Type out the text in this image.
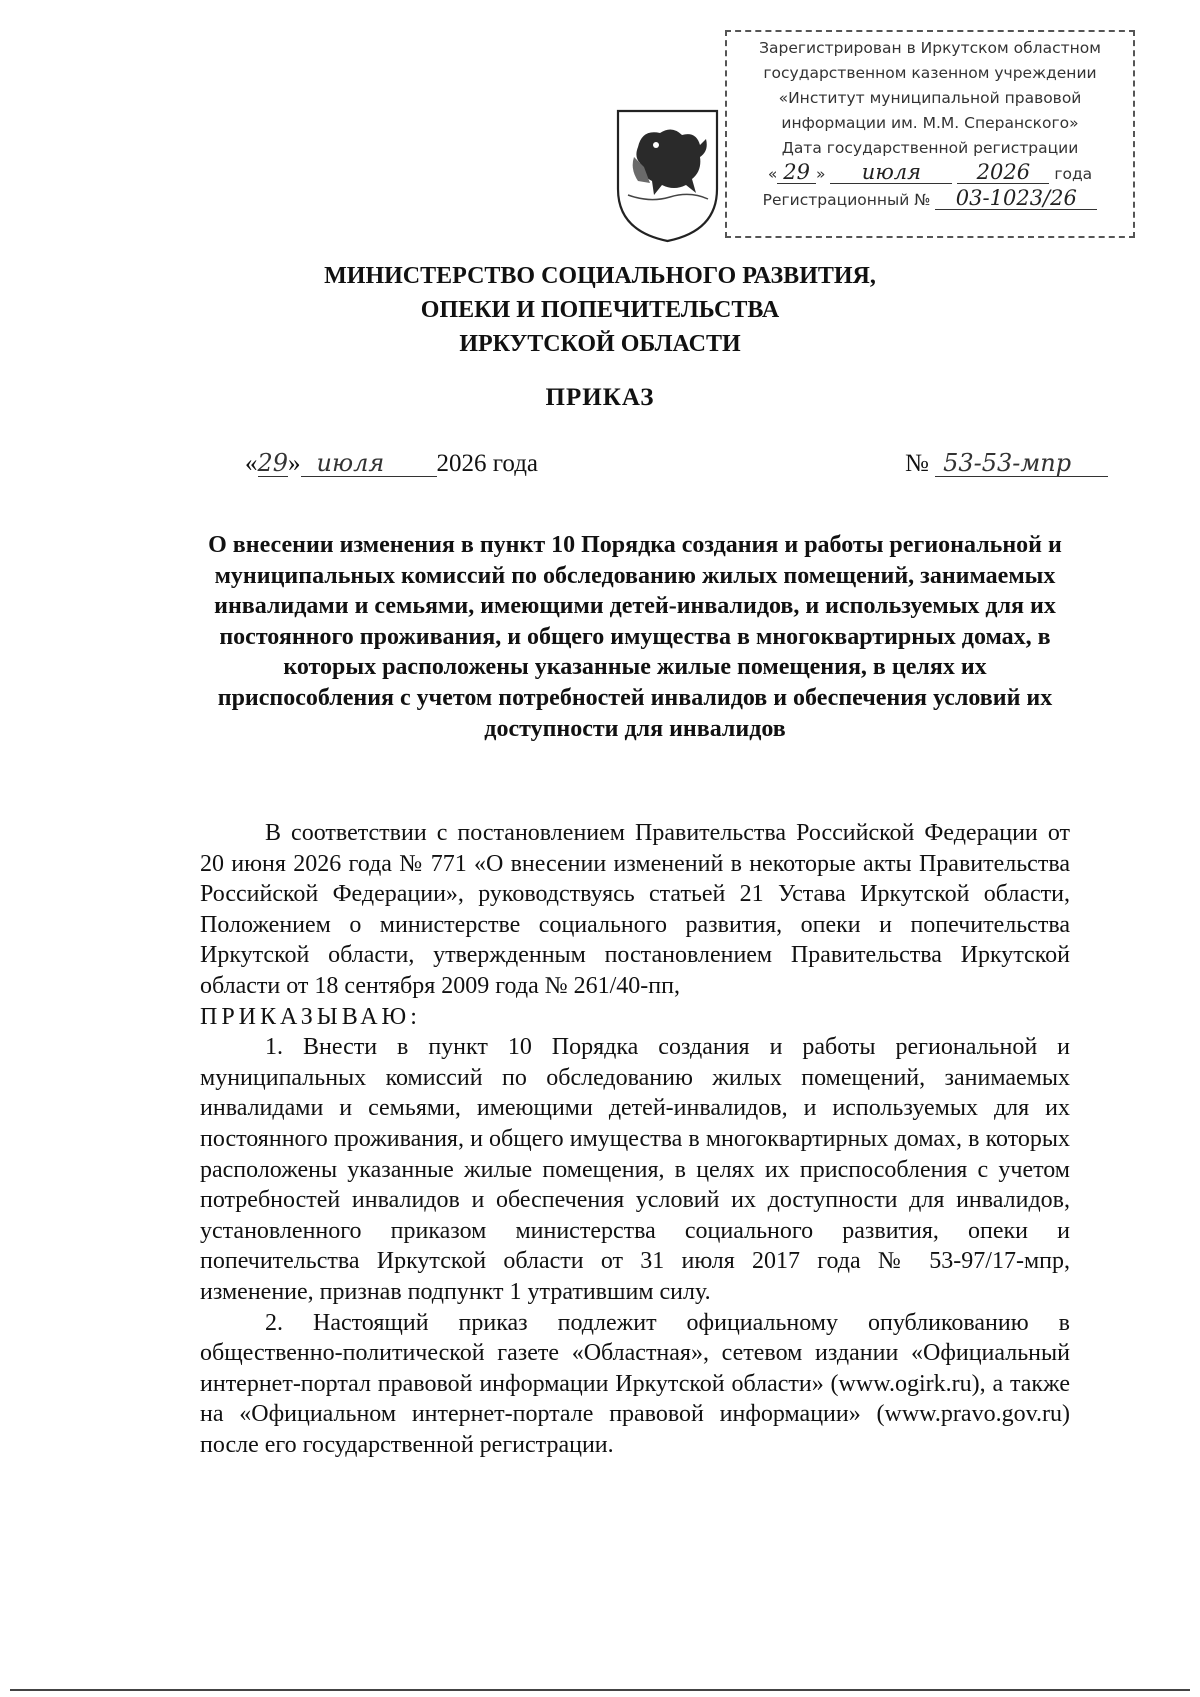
Зарегистрирован в Иркутском областном
государственном казенном учреждении
«Институт муниципальной правовой
информации им. М.М. Сперанского»
Дата государственной регистрации
« 29 » июля	2026 года
Регистрационный № 03-1023/26
МИНИСТЕРСТВО СОЦИАЛЬНОГО РАЗВИТИЯ,
ОПЕКИ И ПОПЕЧИТЕЛЬСТВА
ИРКУТСКОЙ ОБЛАСТИ
ПРИКАЗ
«29» июля 2026 года	№ 53-53-мпр
О внесении изменения в пункт 10 Порядка создания и работы региональной и муниципальных комиссий по обследованию жилых помещений, занимаемых инвалидами и семьями, имеющими детей-инвалидов, и используемых для их постоянного проживания, и общего имущества в многоквартирных домах, в которых расположены указанные жилые помещения, в целях их приспособления с учетом потребностей инвалидов и обеспечения условий их доступности для инвалидов

В соответствии с постановлением Правительства Российской Федерации от 20 июня 2026 года № 771 «О внесении изменений в некоторые акты Правительства Российской Федерации», руководствуясь статьей 21 Устава Иркутской области, Положением о министерстве социального развития, опеки и попечительства Иркутской области, утвержденным постановлением Правительства Иркутской области от 18 сентября 2009 года № 261/40-пп,

ПРИКАЗЫВАЮ:

1. Внести в пункт 10 Порядка создания и работы региональной и муниципальных комиссий по обследованию жилых помещений, занимаемых инвалидами и семьями, имеющими детей-инвалидов, и используемых для их постоянного проживания, и общего имущества в многоквартирных домах, в которых расположены указанные жилые помещения, в целях их приспособления с учетом потребностей инвалидов и обеспечения условий их доступности для инвалидов, установленного приказом министерства социального развития, опеки и попечительства Иркутской области от 31 июля 2017 года № 53-97/17-мпр, изменение, признав подпункт 1 утратившим силу.

2. Настоящий приказ подлежит официальному опубликованию в общественно-политической газете «Областная», сетевом издании «Официальный интернет-портал правовой информации Иркутской области» (www.ogirk.ru), а также на «Официальном интернет-портале правовой информации» (www.pravo.gov.ru) после его государственной регистрации.
